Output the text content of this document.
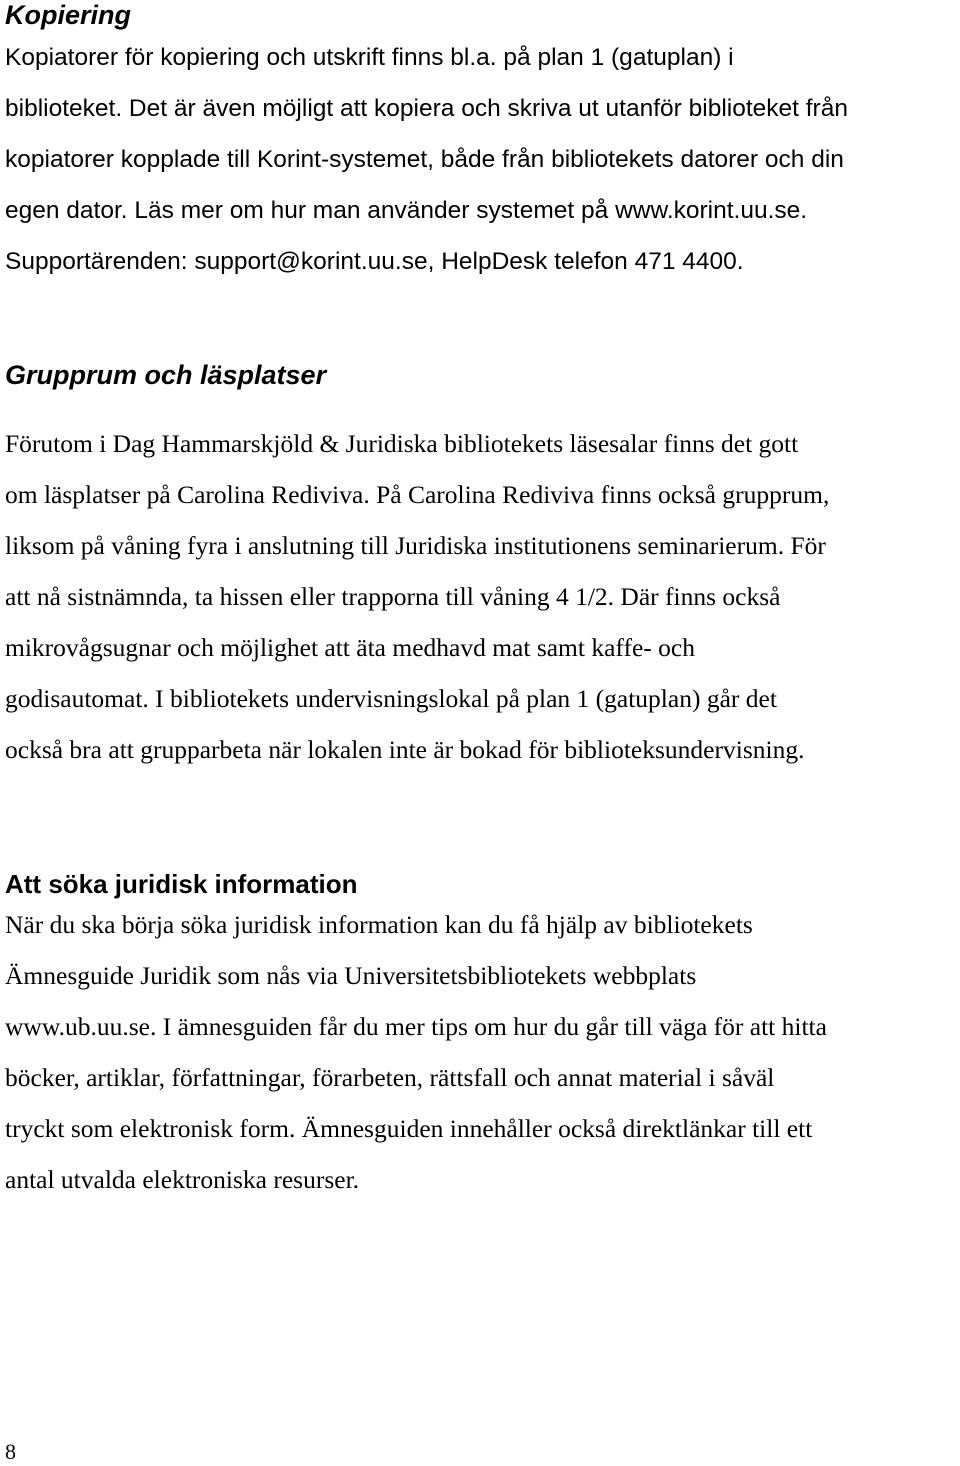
Kopiering

Kopiatorer för kopiering och utskrift finns bl.a. på plan 1 (gatuplan) i
biblioteket. Det är även möjligt att kopiera och skriva ut utanför biblioteket från
kopiatorer kopplade till Korint-systemet, både från bibliotekets datorer och din
egen dator. Läs mer om hur man använder systemet på www.korint.uu.se.
Supportärenden: support@korint.uu.se, HelpDesk telefon 471 4400.

Grupprum och läsplatser

Förutom i Dag Hammarskjöld & Juridiska bibliotekets läsesalar finns det gott
om läsplatser på Carolina Rediviva. På Carolina Rediviva finns också grupprum,
liksom på våning fyra i anslutning till Juridiska institutionens seminarierum. För
att nå sistnämnda, ta hissen eller trapporna till våning 4 1/2. Där finns också
mikrovågsugnar och möjlighet att äta medhavd mat samt kaffe- och
godisautomat. I bibliotekets undervisningslokal på plan 1 (gatuplan) går det
också bra att grupparbeta när lokalen inte är bokad för biblioteksundervisning.

Att söka juridisk information

När du ska börja söka juridisk information kan du få hjälp av bibliotekets
Ämnesguide Juridik som nås via Universitetsbibliotekets webbplats
www.ub.uu.se. I ämnesguiden får du mer tips om hur du går till väga för att hitta
böcker, artiklar, författningar, förarbeten, rättsfall och annat material i såväl
tryckt som elektronisk form. Ämnesguiden innehåller också direktlänkar till ett
antal utvalda elektroniska resurser.

8
